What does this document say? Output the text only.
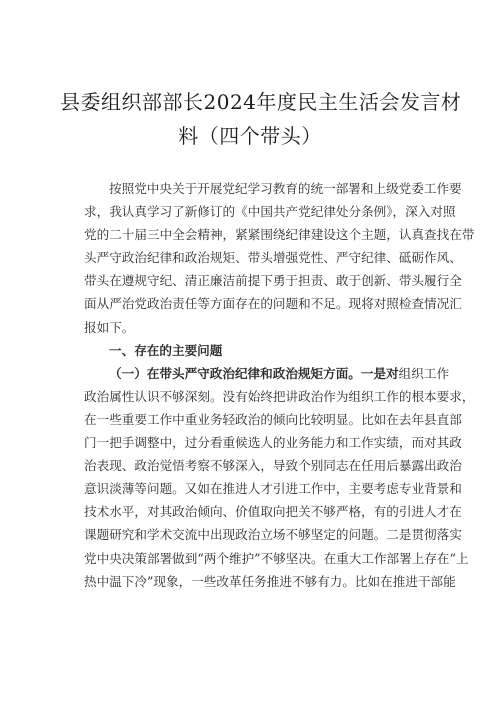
县委组织部部长2024年度民主生活会发言材
料（四个带头）
按照党中央关于开展党纪学习教育的统一部署和上级党委工作要
求，我认真学习了新修订的《中国共产党纪律处分条例》，深入对照
党的二十届三中全会精神，紧紧围绕纪律建设这个主题，认真查找在带
头严守政治纪律和政治规矩、带头增强党性、严守纪律、砥砺作风、
带头在遵规守纪、清正廉洁前提下勇于担责、敢于创新、带头履行全
面从严治党政治责任等方面存在的问题和不足。现将对照检查情况汇
报如下。
一、存在的主要问题
（一）在带头严守政治纪律和政治规矩方面。一是对组织工作
政治属性认识不够深刻。没有始终把讲政治作为组织工作的根本要求，
在一些重要工作中重业务轻政治的倾向比较明显。比如在去年县直部
门一把手调整中，过分看重候选人的业务能力和工作实绩，而对其政
治表现、政治觉悟考察不够深入，导致个别同志在任用后暴露出政治
意识淡薄等问题。又如在推进人才引进工作中，主要考虑专业背景和
技术水平，对其政治倾向、价值取向把关不够严格，有的引进人才在
课题研究和学术交流中出现政治立场不够坚定的问题。二是贯彻落实
党中央决策部署做到“两个维护”不够坚决。在重大工作部署上存在“上
热中温下冷”现象，一些改革任务推进不够有力。比如在推进干部能
